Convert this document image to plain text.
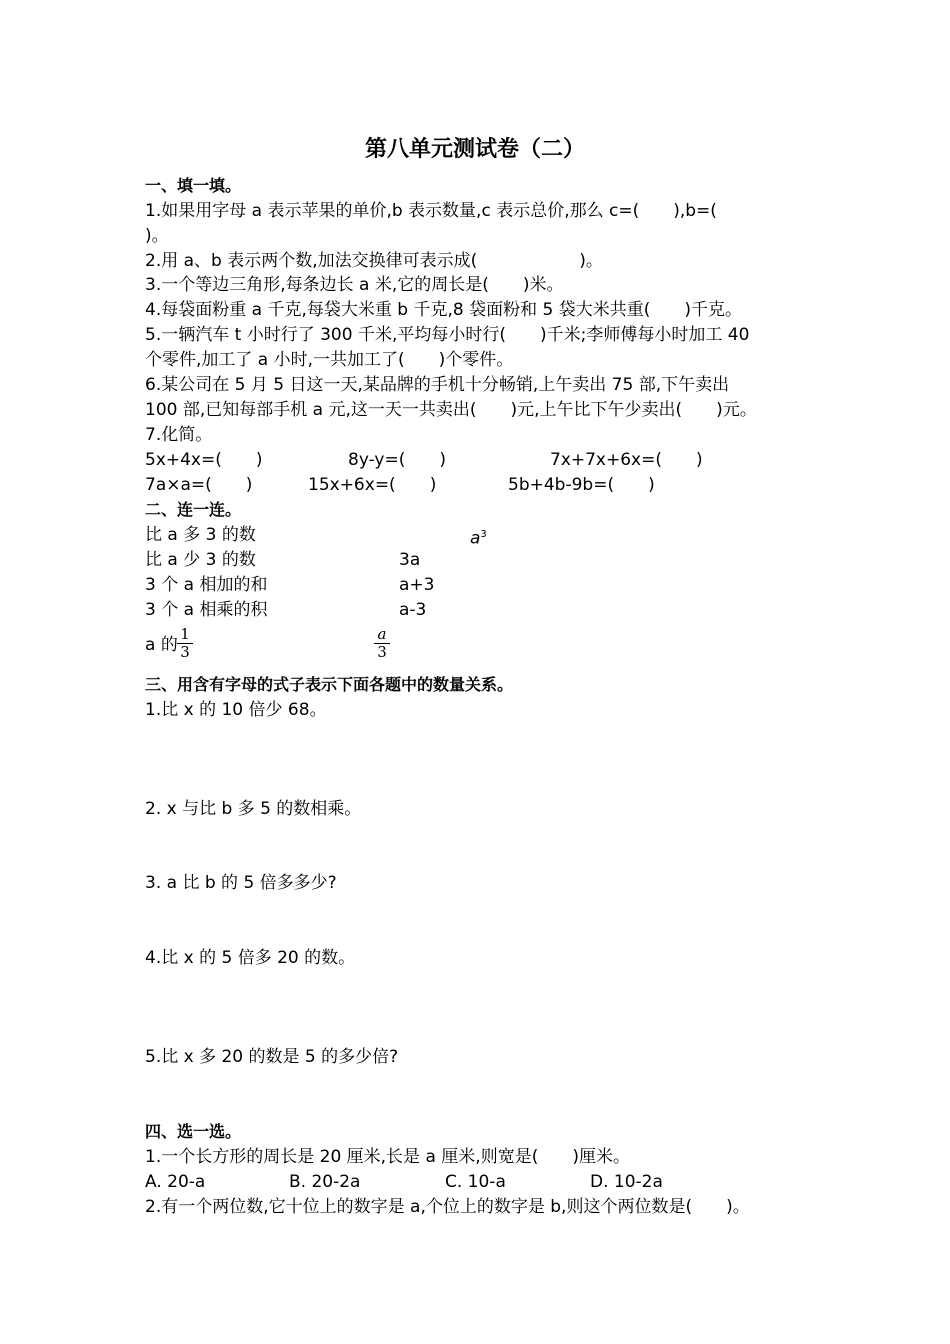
第八单元测试卷（二）
一、填一填。
1.如果用字母 a 表示苹果的单价,b 表示数量,c 表示总价,那么 c=(　　),b=(
)。
2.用 a、b 表示两个数,加法交换律可表示成(　　　　　　)。
3.一个等边三角形,每条边长 a 米,它的周长是(　　)米。
4.每袋面粉重 a 千克,每袋大米重 b 千克,8 袋面粉和 5 袋大米共重(　　)千克。
5.一辆汽车 t 小时行了 300 千米,平均每小时行(　　)千米;李师傅每小时加工 40
个零件,加工了 a 小时,一共加工了(　　)个零件。
6.某公司在 5 月 5 日这一天,某品牌的手机十分畅销,上午卖出 75 部,下午卖出
100 部,已知每部手机 a 元,这一天一共卖出(　　)元,上午比下午少卖出(　　)元。
7.化简。
5x+4x=(　　)	8y-y=(　　)	7x+7x+6x=(　　)
7a×a=(　　)	15x+6x=(　　)	5b+4b-9b=(　　)
二、连一连。
比 a 多 3 的数
比 a 少 3 的数
3 个 a 相加的和
3 个 a 相乘的积
a 的 $\frac{1}{3}$
$a^3$
3a
a+3
a-3
$\frac{a}{3}$
三、用含有字母的式子表示下面各题中的数量关系。
1.比 x 的 10 倍少 68。
2. x 与比 b 多 5 的数相乘。
3. a 比 b 的 5 倍多多少?
4.比 x 的 5 倍多 20 的数。
5.比 x 多 20 的数是 5 的多少倍?
四、选一选。
1.一个长方形的周长是 20 厘米,长是 a 厘米,则宽是(　　)厘米。
A. 20-a	B. 20-2a	C. 10-a	D. 10-2a
2.有一个两位数,它十位上的数字是 a,个位上的数字是 b,则这个两位数是(　　)。
